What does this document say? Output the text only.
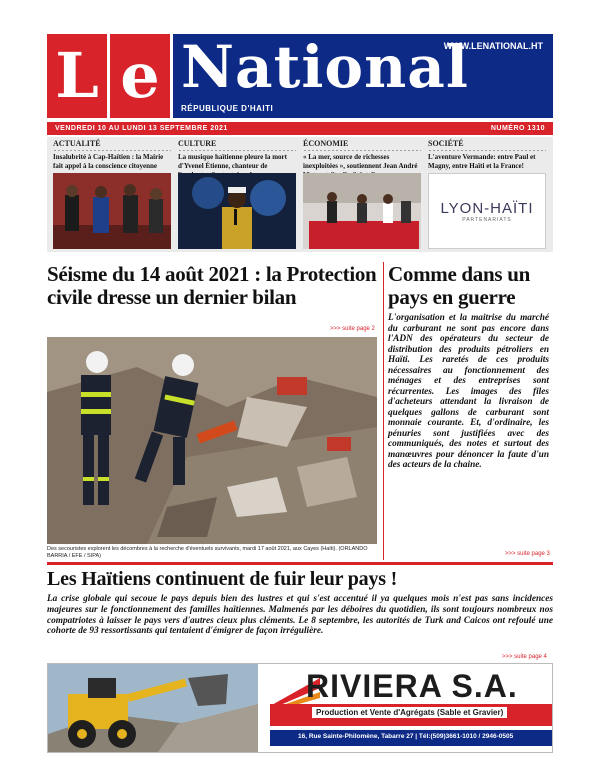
L e National
WWW.LENATIONAL.HT
RÉPUBLIQUE D'HAITI
VENDREDI 10 AU LUNDI 13 SEPTEMBRE 2021	NUMÉRO 1310
ACTUALITÉ
Insalubrité à Cap-Haïtien : la Mairie fait appel à la conscience citoyenne
CULTURE
La musique haïtienne pleure la mort d'Yvenel Étienne, chanteur de
ÉCONOMIE
« La mer, source de richesses inexploitées », soutiennent Jean André
SOCIÉTÉ
L'aventure Vermande: entre Paul et Magny, entre Haïti et la France!
LYON-HAÏTI
PARTENARIATS
Séisme du 14 août 2021 : la Protection civile dresse un dernier bilan
>>> suite page 2
Des secouristes explorent les décombres à la recherche d'éventuels survivants, mardi 17 août 2021, aux Cayes (Haïti). (ORLANDO BARRIA / EFE / SIPA)
Comme dans un pays en guerre
L'organisation et la maitrise du marché du carburant ne sont pas encore dans l'ADN des opérateurs du secteur de distribution des produits pétroliers en Haïti. Les raretés de ces produits nécessaires au fonctionnement des ménages et des entreprises sont récurrentes. Les images des files d'acheteurs attendant la livraison de quelques gallons de carburant sont monnaie courante. Et, d'ordinaire, les pénuries sont justifiées avec des communiqués, des notes et surtout des manœuvres pour dénoncer la faute d'un des acteurs de la chaine.
>>> suite page 3
Les Haïtiens continuent de fuir leur pays !
La crise globale qui secoue le pays depuis bien des lustres et qui s'est accentué il ya quelques mois n'est pas sans incidences majeures sur le fonctionnement des familles haïtiennes. Malmenés par les déboires du quotidien, ils sont toujours nombreux nos compatriotes à laisser le pays vers d'autres cieux plus cléments. Le 8 septembre, les autorités de Turk and Caicos ont refoulé une cohorte de 93 ressortissants qui tentaient d'émigrer de façon irrégulière.
>>> suite page 4
RIVIERA S.A.
Production et Vente d'Agrégats (Sable et Gravier)
16, Rue Sainte-Philomène, Tabarre 27 | Tél:(509)3661-1010 / 2946-0505
